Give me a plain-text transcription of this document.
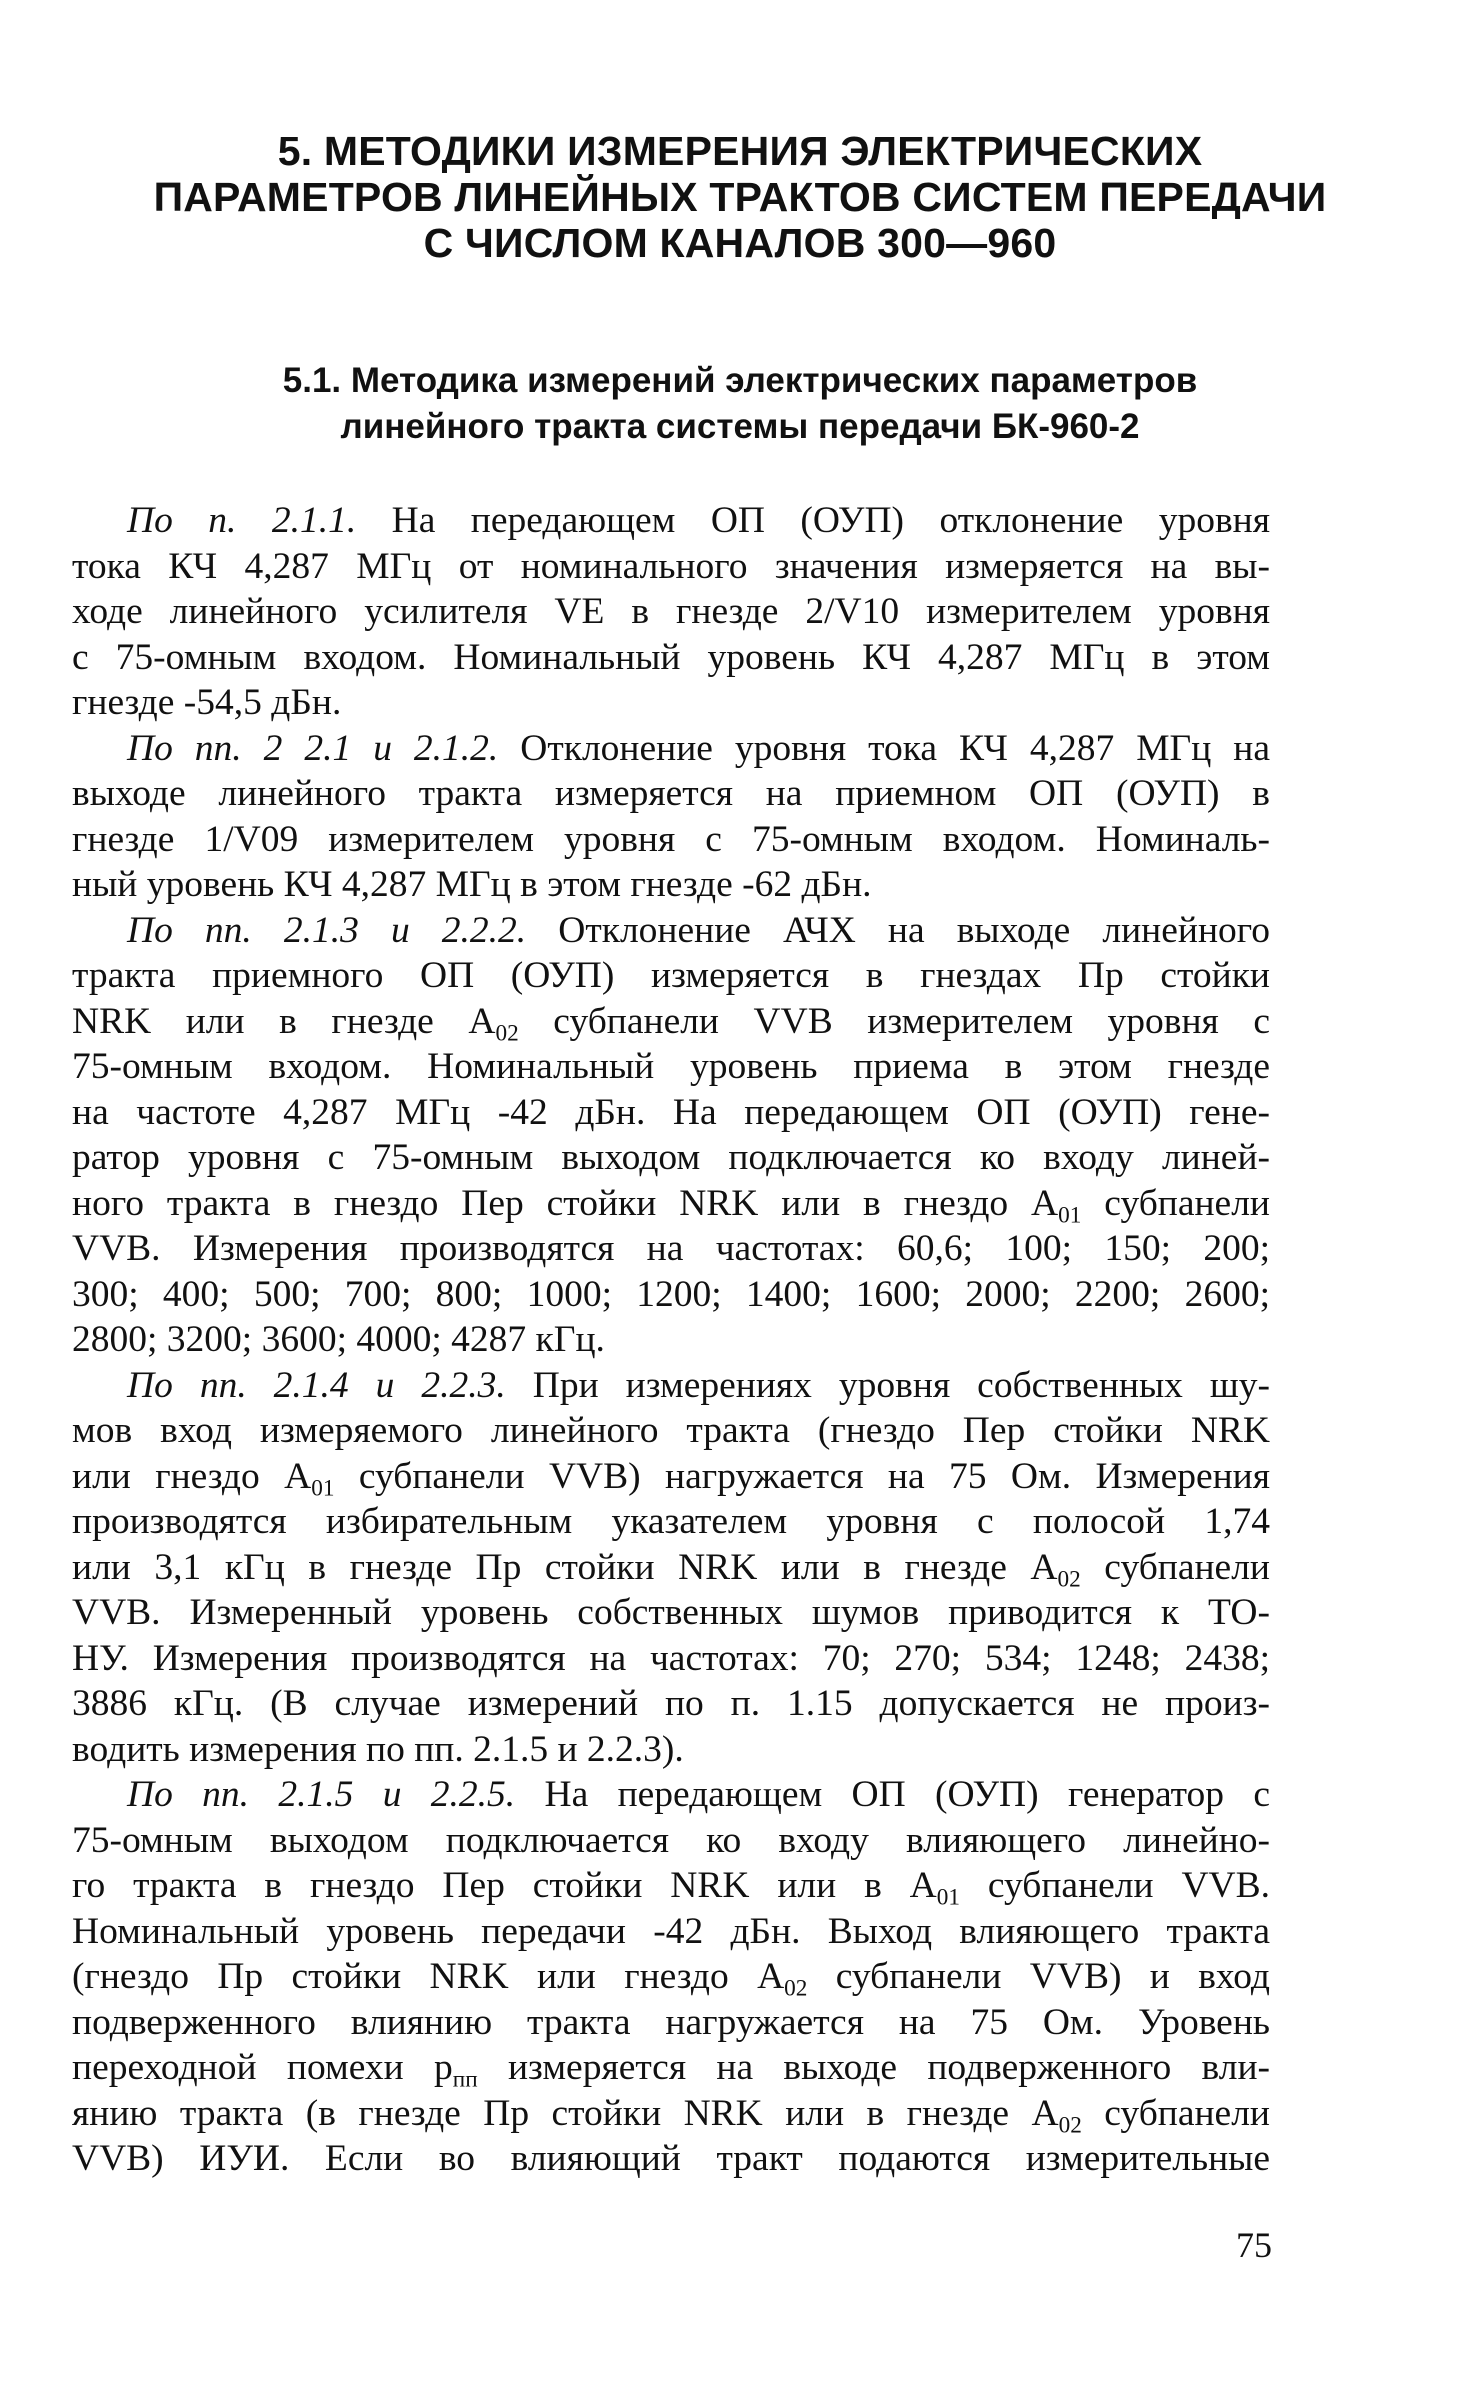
5. МЕТОДИКИ ИЗМЕРЕНИЯ ЭЛЕКТРИЧЕСКИХ
ПАРАМЕТРОВ ЛИНЕЙНЫХ ТРАКТОВ СИСТЕМ ПЕРЕДАЧИ
С ЧИСЛОМ КАНАЛОВ 300—960
5.1. Методика измерений электрических параметров
линейного тракта системы передачи БК-960-2
По п. 2.1.1. На передающем ОП (ОУП) отклонение уровня
тока КЧ 4,287 МГц от номинального значения измеряется на вы-
ходе линейного усилителя VE в гнезде 2/V10 измерителем уровня
с 75-омным входом. Номинальный уровень КЧ 4,287 МГц в этом
гнезде -54,5 дБн.
По пп. 2 2.1 и 2.1.2. Отклонение уровня тока КЧ 4,287 МГц на
выходе линейного тракта измеряется на приемном ОП (ОУП) в
гнезде 1/V09 измерителем уровня с 75-омным входом. Номиналь-
ный уровень КЧ 4,287 МГц в этом гнезде -62 дБн.
По пп. 2.1.3 и 2.2.2. Отклонение АЧХ на выходе линейного
тракта приемного ОП (ОУП) измеряется в гнездах Пр стойки
NRK или в гнезде $A_{02}$ субпанели VVB измерителем уровня с
75-омным входом. Номинальный уровень приема в этом гнезде
на частоте 4,287 МГц -42 дБн. На передающем ОП (ОУП) гене-
ратор уровня с 75-омным выходом подключается ко входу линей-
ного тракта в гнездо Пер стойки NRK или в гнездо $A_{01}$ субпанели
VVB. Измерения производятся на частотах: 60,6; 100; 150; 200;
300; 400; 500; 700; 800; 1000; 1200; 1400; 1600; 2000; 2200; 2600;
2800; 3200; 3600; 4000; 4287 кГц.
По пп. 2.1.4 и 2.2.3. При измерениях уровня собственных шу-
мов вход измеряемого линейного тракта (гнездо Пер стойки NRK
или гнездо $A_{01}$ субпанели VVB) нагружается на 75 Ом. Измерения
производятся избирательным указателем уровня с полосой 1,74
или 3,1 кГц в гнезде Пр стойки NRK или в гнезде $A_{02}$ субпанели
VVB. Измеренный уровень собственных шумов приводится к ТО-
НУ. Измерения производятся на частотах: 70; 270; 534; 1248; 2438;
3886 кГц. (В случае измерений по п. 1.15 допускается не произ-
водить измерения по пп. 2.1.5 и 2.2.3).
По пп. 2.1.5 и 2.2.5. На передающем ОП (ОУП) генератор с
75-омным выходом подключается ко входу влияющего линейно-
го тракта в гнездо Пер стойки NRK или в $A_{01}$ субпанели VVB.
Номинальный уровень передачи -42 дБн. Выход влияющего тракта
(гнездо Пр стойки NRK или гнездо $A_{02}$ субпанели VVB) и вход
подверженного влиянию тракта нагружается на 75 Ом. Уровень
переходной помехи $p_{пп}$ измеряется на выходе подверженного вли-
янию тракта (в гнезде Пр стойки NRK или в гнезде $A_{02}$ субпанели
VVB) ИУИ. Если во влияющий тракт подаются измерительные
75
